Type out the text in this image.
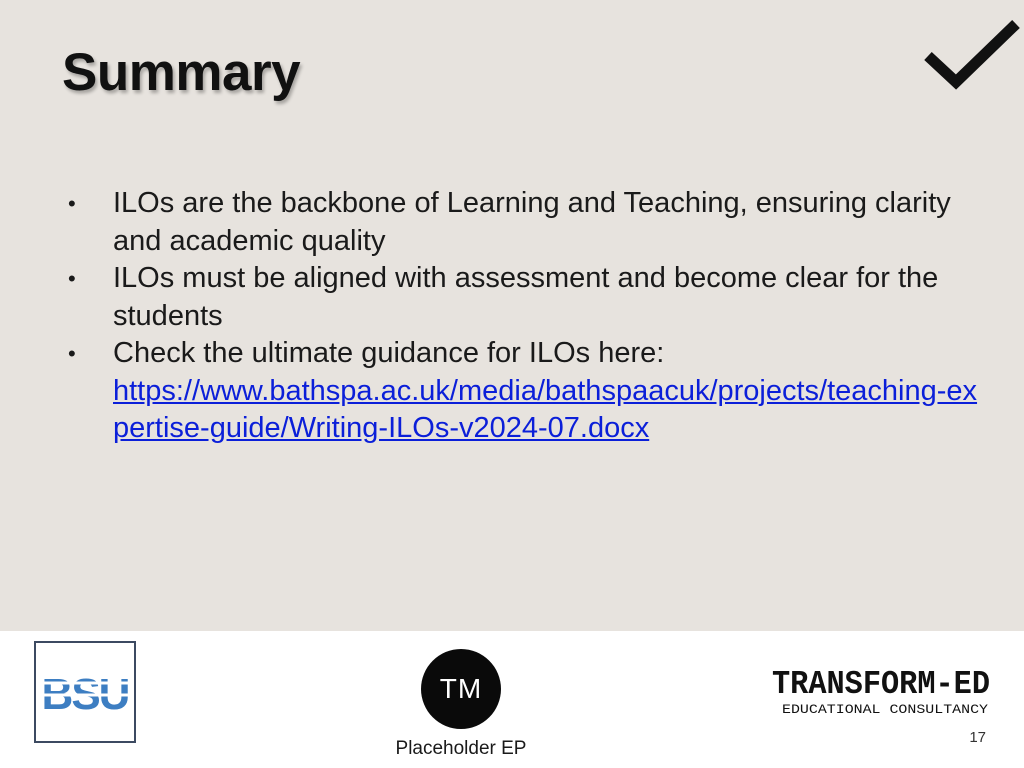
Summary
• ILOs are the backbone of Learning and Teaching, ensuring clarity and academic quality
• ILOs must be aligned with assessment and become clear for the students
• Check the ultimate guidance for ILOs here:
https://www.bathspa.ac.uk/media/bathspaacuk/projects/teaching-expertise-guide/Writing-ILOs-v2024-07.docx
BSU	TM
Placeholder EP
TRANSFORM-ED
EDUCATIONAL CONSULTANCY
17
